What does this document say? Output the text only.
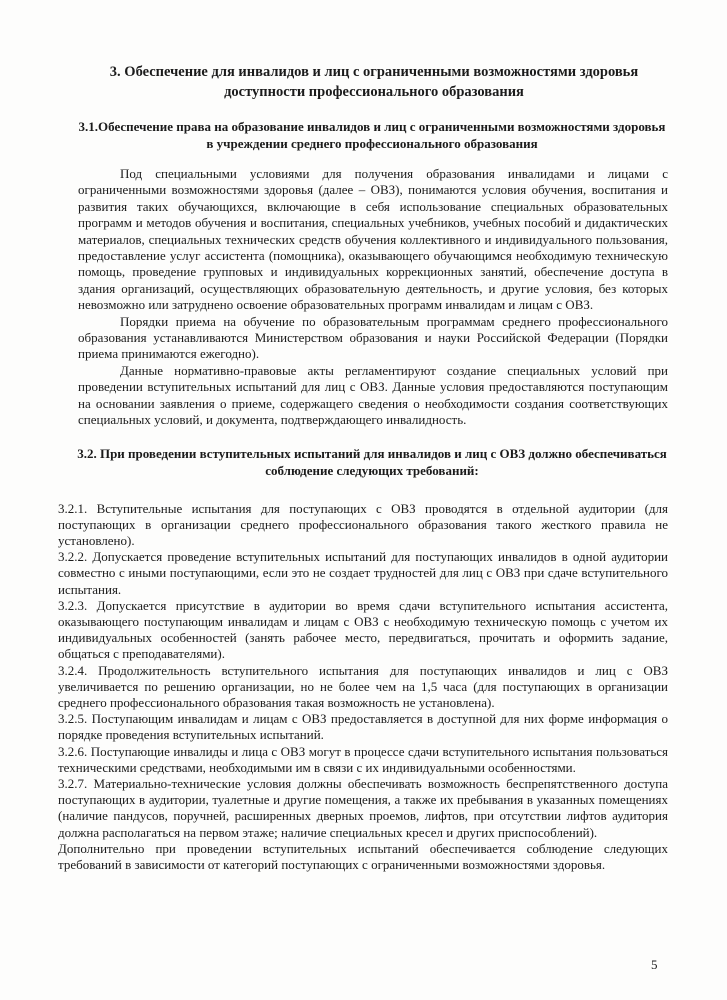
3. Обеспечение для инвалидов и лиц с ограниченными возможностями здоровья доступности профессионального образования
3.1.Обеспечение права на образование инвалидов и лиц с ограниченными возможностями здоровья в учреждении среднего профессионального образования

Под специальными условиями для получения образования инвалидами и лицами с ограниченными возможностями здоровья (далее – ОВЗ), понимаются условия обучения, воспитания и развития таких обучающихся, включающие в себя использование специальных образовательных программ и методов обучения и воспитания, специальных учебников, учебных пособий и дидактических материалов, специальных технических средств обучения коллективного и индивидуального пользования, предоставление услуг ассистента (помощника), оказывающего обучающимся необходимую техническую помощь, проведение групповых и индивидуальных коррекционных занятий, обеспечение доступа в здания организаций, осуществляющих образовательную деятельность, и другие условия, без которых невозможно или затруднено освоение образовательных программ инвалидам и лицам с ОВЗ.

Порядки приема на обучение по образовательным программам среднего профессионального образования устанавливаются Министерством образования и науки Российской Федерации (Порядки приема принимаются ежегодно).

Данные нормативно-правовые акты регламентируют создание специальных условий при проведении вступительных испытаний для лиц с ОВЗ. Данные условия предоставляются поступающим на основании заявления о приеме, содержащего сведения о необходимости создания соответствующих специальных условий, и документа, подтверждающего инвалидность.

3.2. При проведении вступительных испытаний для инвалидов и лиц с ОВЗ должно обеспечиваться соблюдение следующих требований:

3.2.1. Вступительные испытания для поступающих с ОВЗ проводятся в отдельной аудитории (для поступающих в организации среднего профессионального образования такого жесткого правила не установлено).

3.2.2. Допускается проведение вступительных испытаний для поступающих инвалидов в одной аудитории совместно с иными поступающими, если это не создает трудностей для лиц с ОВЗ при сдаче вступительного испытания.

3.2.3. Допускается присутствие в аудитории во время сдачи вступительного испытания ассистента, оказывающего поступающим инвалидам и лицам с ОВЗ с необходимую техническую помощь с учетом их индивидуальных особенностей (занять рабочее место, передвигаться, прочитать и оформить задание, общаться с преподавателями).

3.2.4. Продолжительность вступительного испытания для поступающих инвалидов и лиц с ОВЗ увеличивается по решению организации, но не более чем на 1,5 часа (для поступающих в организации среднего профессионального образования такая возможность не установлена).

3.2.5. Поступающим инвалидам и лицам с ОВЗ предоставляется в доступной для них форме информация о порядке проведения вступительных испытаний.

3.2.6. Поступающие инвалиды и лица с ОВЗ могут в процессе сдачи вступительного испытания пользоваться техническими средствами, необходимыми им в связи с их индивидуальными особенностями.

3.2.7. Материально-технические условия должны обеспечивать возможность беспрепятственного доступа поступающих в аудитории, туалетные и другие помещения, а также их пребывания в указанных помещениях (наличие пандусов, поручней, расширенных дверных проемов, лифтов, при отсутствии лифтов аудитория должна располагаться на первом этаже; наличие специальных кресел и других приспособлений).

Дополнительно при проведении вступительных испытаний обеспечивается соблюдение следующих требований в зависимости от категорий поступающих с ограниченными возможностями здоровья.

5
